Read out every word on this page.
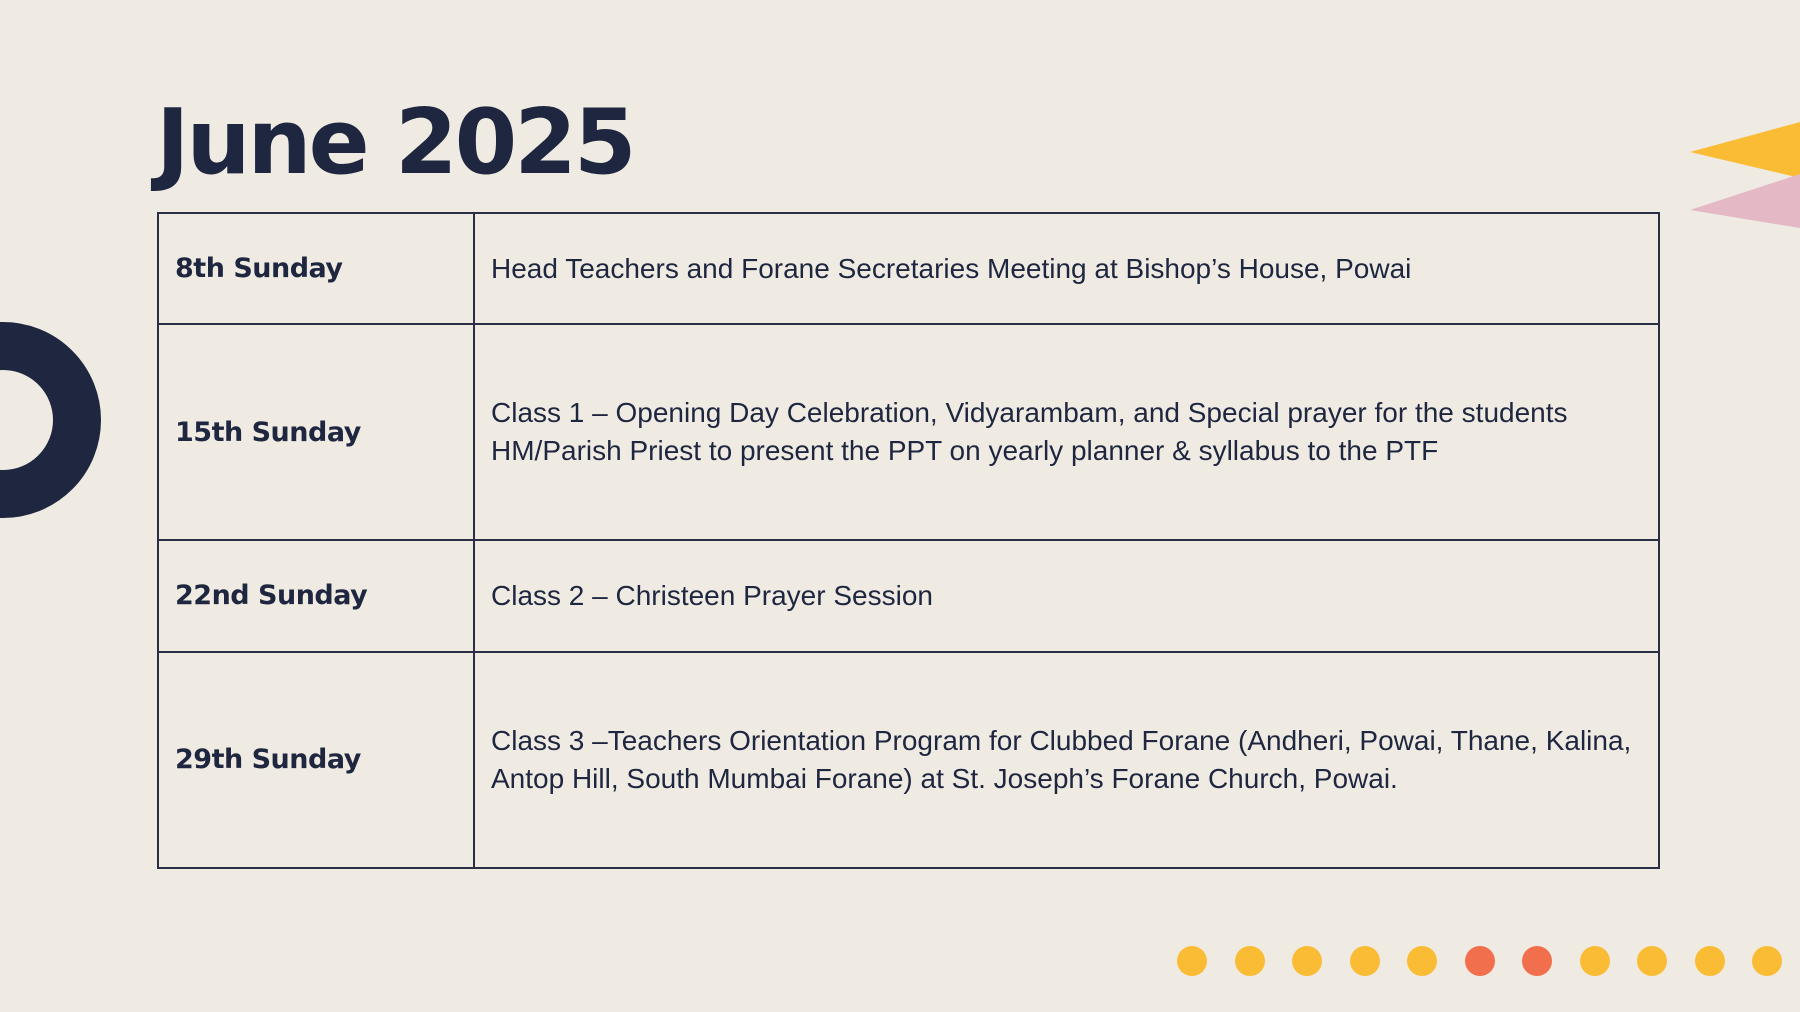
June 2025
8th Sunday	Head Teachers and Forane Secretaries Meeting at Bishop’s House, Powai

15th Sunday	Class 1 – Opening Day Celebration, Vidyarambam, and Special prayer for the students
HM/Parish Priest to present the PPT on yearly planner & syllabus to the PTF

22nd Sunday	Class 2 – Christeen Prayer Session

29th Sunday	Class 3 –Teachers Orientation Program for Clubbed Forane (Andheri, Powai, Thane, Kalina,
Antop Hill, South Mumbai Forane) at St. Joseph’s Forane Church, Powai.
